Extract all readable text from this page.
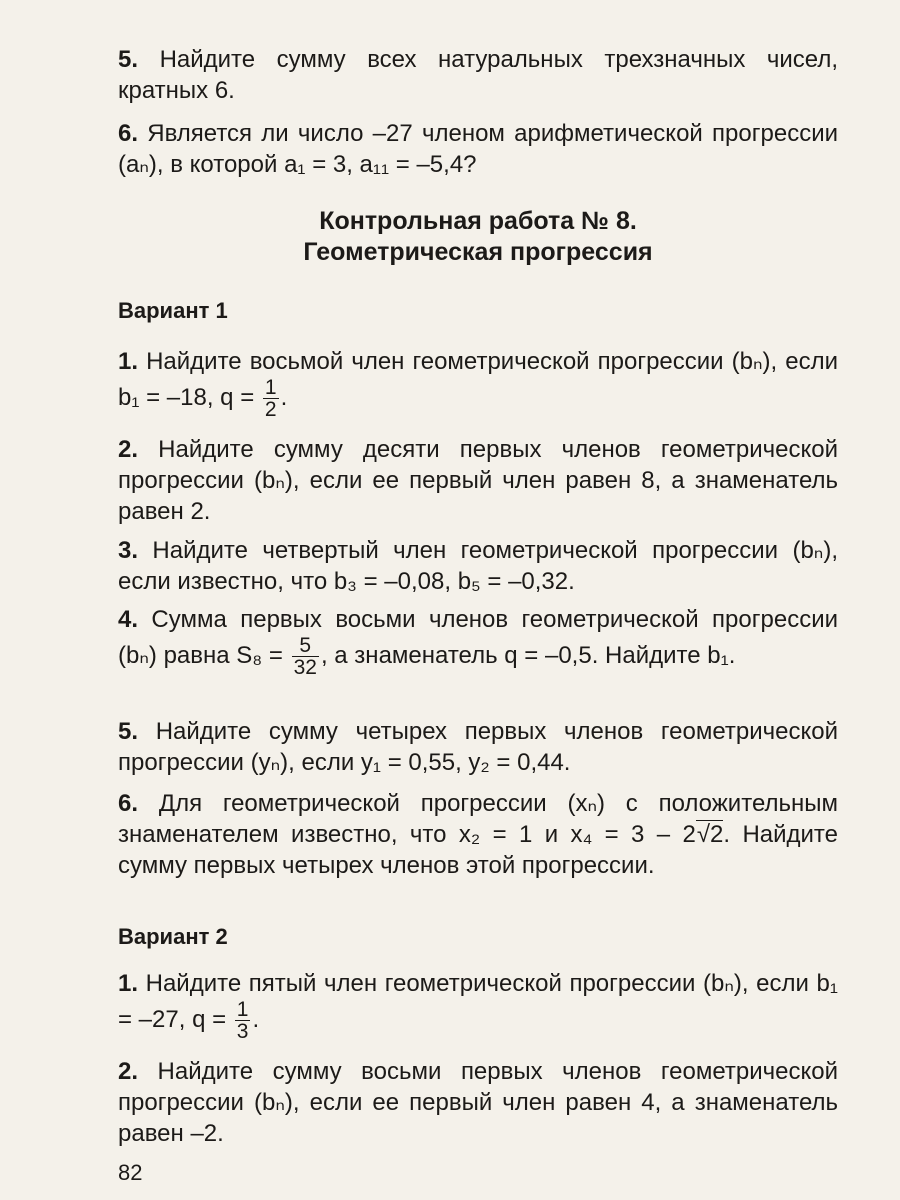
5. Найдите сумму всех натуральных трехзначных чисел, кратных 6.

6. Является ли число –27 членом арифметической прогрессии (aₙ), в которой a₁ = 3, a₁₁ = –5,4?

Контрольная работа № 8.
Геометрическая прогрессия
Вариант 1

1. Найдите восьмой член геометрической прогрессии (bₙ), если b₁ = –18, $q = \frac{1}{2}$ .

2. Найдите сумму десяти первых членов геометрической прогрессии (bₙ), если ее первый член равен 8, а знаменатель равен 2.

3. Найдите четвертый член геометрической прогрессии (bₙ), если известно, что b₃ = –0,08, b₅ = –0,32.

4. Сумма первых восьми членов геометрической прогрессии (bₙ) равна $S_8 = \frac{5}{32}$ , а знаменатель q = –0,5. Найдите b₁.

5. Найдите сумму четырех первых членов геометрической прогрессии (yₙ), если y₁ = 0,55, y₂ = 0,44.

6. Для геометрической прогрессии (xₙ) с положительным знаменателем известно, что x₂ = 1 и x₄ = 3 – 2√2. Найдите сумму первых четырех членов этой прогрессии.

Вариант 2

1. Найдите пятый член геометрической прогрессии (bₙ), если b₁ = –27, $q = \frac{1}{3}$ .

2. Найдите сумму восьми первых членов геометрической прогрессии (bₙ), если ее первый член равен 4, а знаменатель равен –2.

82
